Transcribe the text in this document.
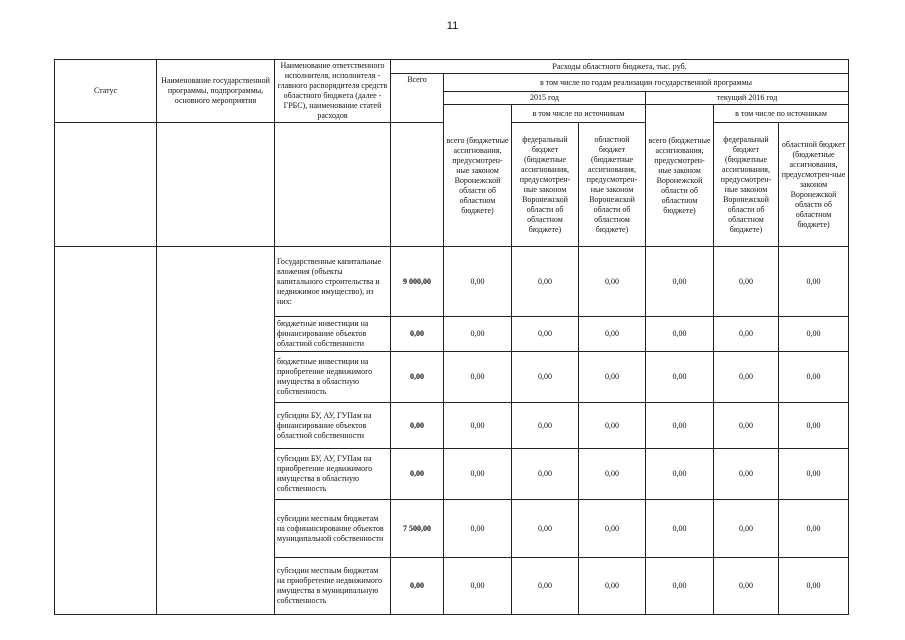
11
Статус	Наименование государственной программы, подпрограммы, основного мероприятия	Наименование ответственного исполнителя, исполнителя - главного распорядителя средств областного бюджета (далее - ГРБС), наименование статей расходов	Расходы областного бюджета, тыс. руб.						
			Всего	в том числе по годам реализации государственной программы					
				2015 год			текущий 2016 год		
				всего (бюджетные ассигнования, предусмотрен-ные законом Воронежской области об областном бюджете)	в том числе по источникам		всего (бюджетные ассигнования, предусмотрен-ные законом Воронежской области об областном бюджете)	в том числе по источникам	
					федеральный бюджет (бюджетные ассигнования, предусмотрен-ные законом Воронежской области об областном бюджете)	областной бюджет (бюджетные ассигнования, предусмотрен-ные законом Воронежской области об областном бюджете)		федеральный бюджет (бюджетные ассигнования, предусмотрен-ные законом Воронежской области об областном бюджете)	областной бюджет (бюджетные ассигнования, предусмотрен-ные законом Воронежской области об областном бюджете)
		Государственные капитальные вложения (объекты капитального строительства и недвижимое имущество), из них:	9 000,00	0,00	0,00	0,00	0,00	0,00	0,00
		бюджетные инвестиции на финансирование объектов областной собственности	0,00	0,00	0,00	0,00	0,00	0,00	0,00
		бюджетные инвестиции на приобретение недвижимого имущества в областную собственность	0,00	0,00	0,00	0,00	0,00	0,00	0,00
		субсидии БУ, АУ, ГУПам на финансирование объектов областной собственности	0,00	0,00	0,00	0,00	0,00	0,00	0,00
		субсидии БУ, АУ, ГУПам на приобретение недвижимого имущества в областную собственность	0,00	0,00	0,00	0,00	0,00	0,00	0,00
		субсидии местным бюджетам на софинансирование объектов муниципальной собственности	7 500,00	0,00	0,00	0,00	0,00	0,00	0,00
		субсидии местным бюджетам на приобретение недвижимого имущества в муниципальную собственность	0,00	0,00	0,00	0,00	0,00	0,00	0,00
